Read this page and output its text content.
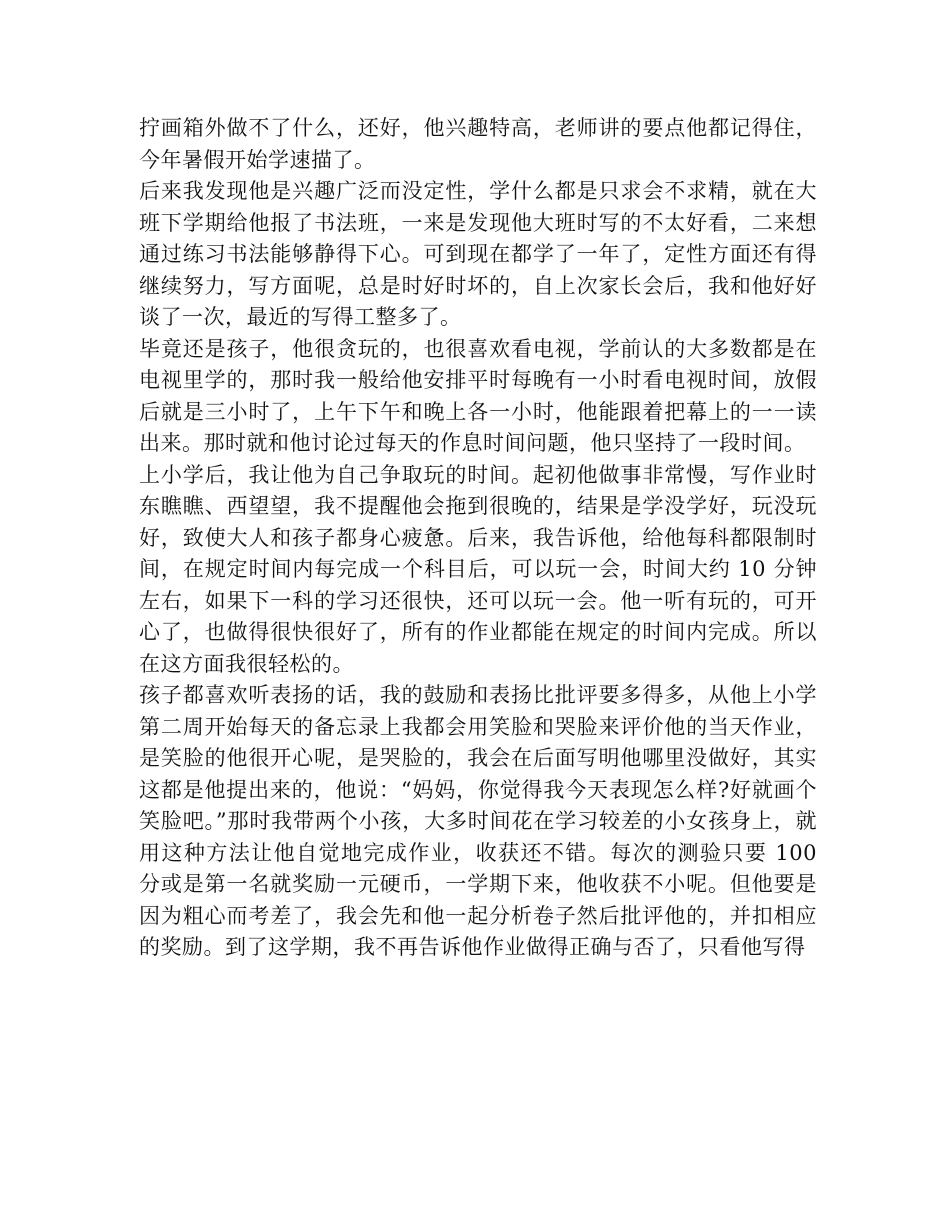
拧画箱外做不了什么，还好，他兴趣特高，老师讲的要点他都记得住，今年暑假开始学速描了。

后来我发现他是兴趣广泛而没定性，学什么都是只求会不求精，就在大班下学期给他报了书法班，一来是发现他大班时写的不太好看，二来想通过练习书法能够静得下心。可到现在都学了一年了，定性方面还有得继续努力，写方面呢，总是时好时坏的，自上次家长会后，我和他好好谈了一次，最近的写得工整多了。

毕竟还是孩子，他很贪玩的，也很喜欢看电视，学前认的大多数都是在电视里学的，那时我一般给他安排平时每晚有一小时看电视时间，放假后就是三小时了，上午下午和晚上各一小时，他能跟着把幕上的一一读出来。那时就和他讨论过每天的作息时间问题，他只坚持了一段时间。

上小学后，我让他为自己争取玩的时间。起初他做事非常慢，写作业时东瞧瞧、西望望，我不提醒他会拖到很晚的，结果是学没学好，玩没玩好，致使大人和孩子都身心疲惫。后来，我告诉他，给他每科都限制时间，在规定时间内每完成一个科目后，可以玩一会，时间大约 10 分钟左右，如果下一科的学习还很快，还可以玩一会。他一听有玩的，可开心了，也做得很快很好了，所有的作业都能在规定的时间内完成。所以在这方面我很轻松的。

孩子都喜欢听表扬的话，我的鼓励和表扬比批评要多得多，从他上小学第二周开始每天的备忘录上我都会用笑脸和哭脸来评价他的当天作业，是笑脸的他很开心呢，是哭脸的，我会在后面写明他哪里没做好，其实这都是他提出来的，他说：“妈妈，你觉得我今天表现怎么样?好就画个笑脸吧。”那时我带两个小孩，大多时间花在学习较差的小女孩身上，就用这种方法让他自觉地完成作业，收获还不错。每次的测验只要 100 分或是第一名就奖励一元硬币，一学期下来，他收获不小呢。但他要是因为粗心而考差了，我会先和他一起分析卷子然后批评他的，并扣相应的奖励。到了这学期，我不再告诉他作业做得正确与否了，只看他写得
